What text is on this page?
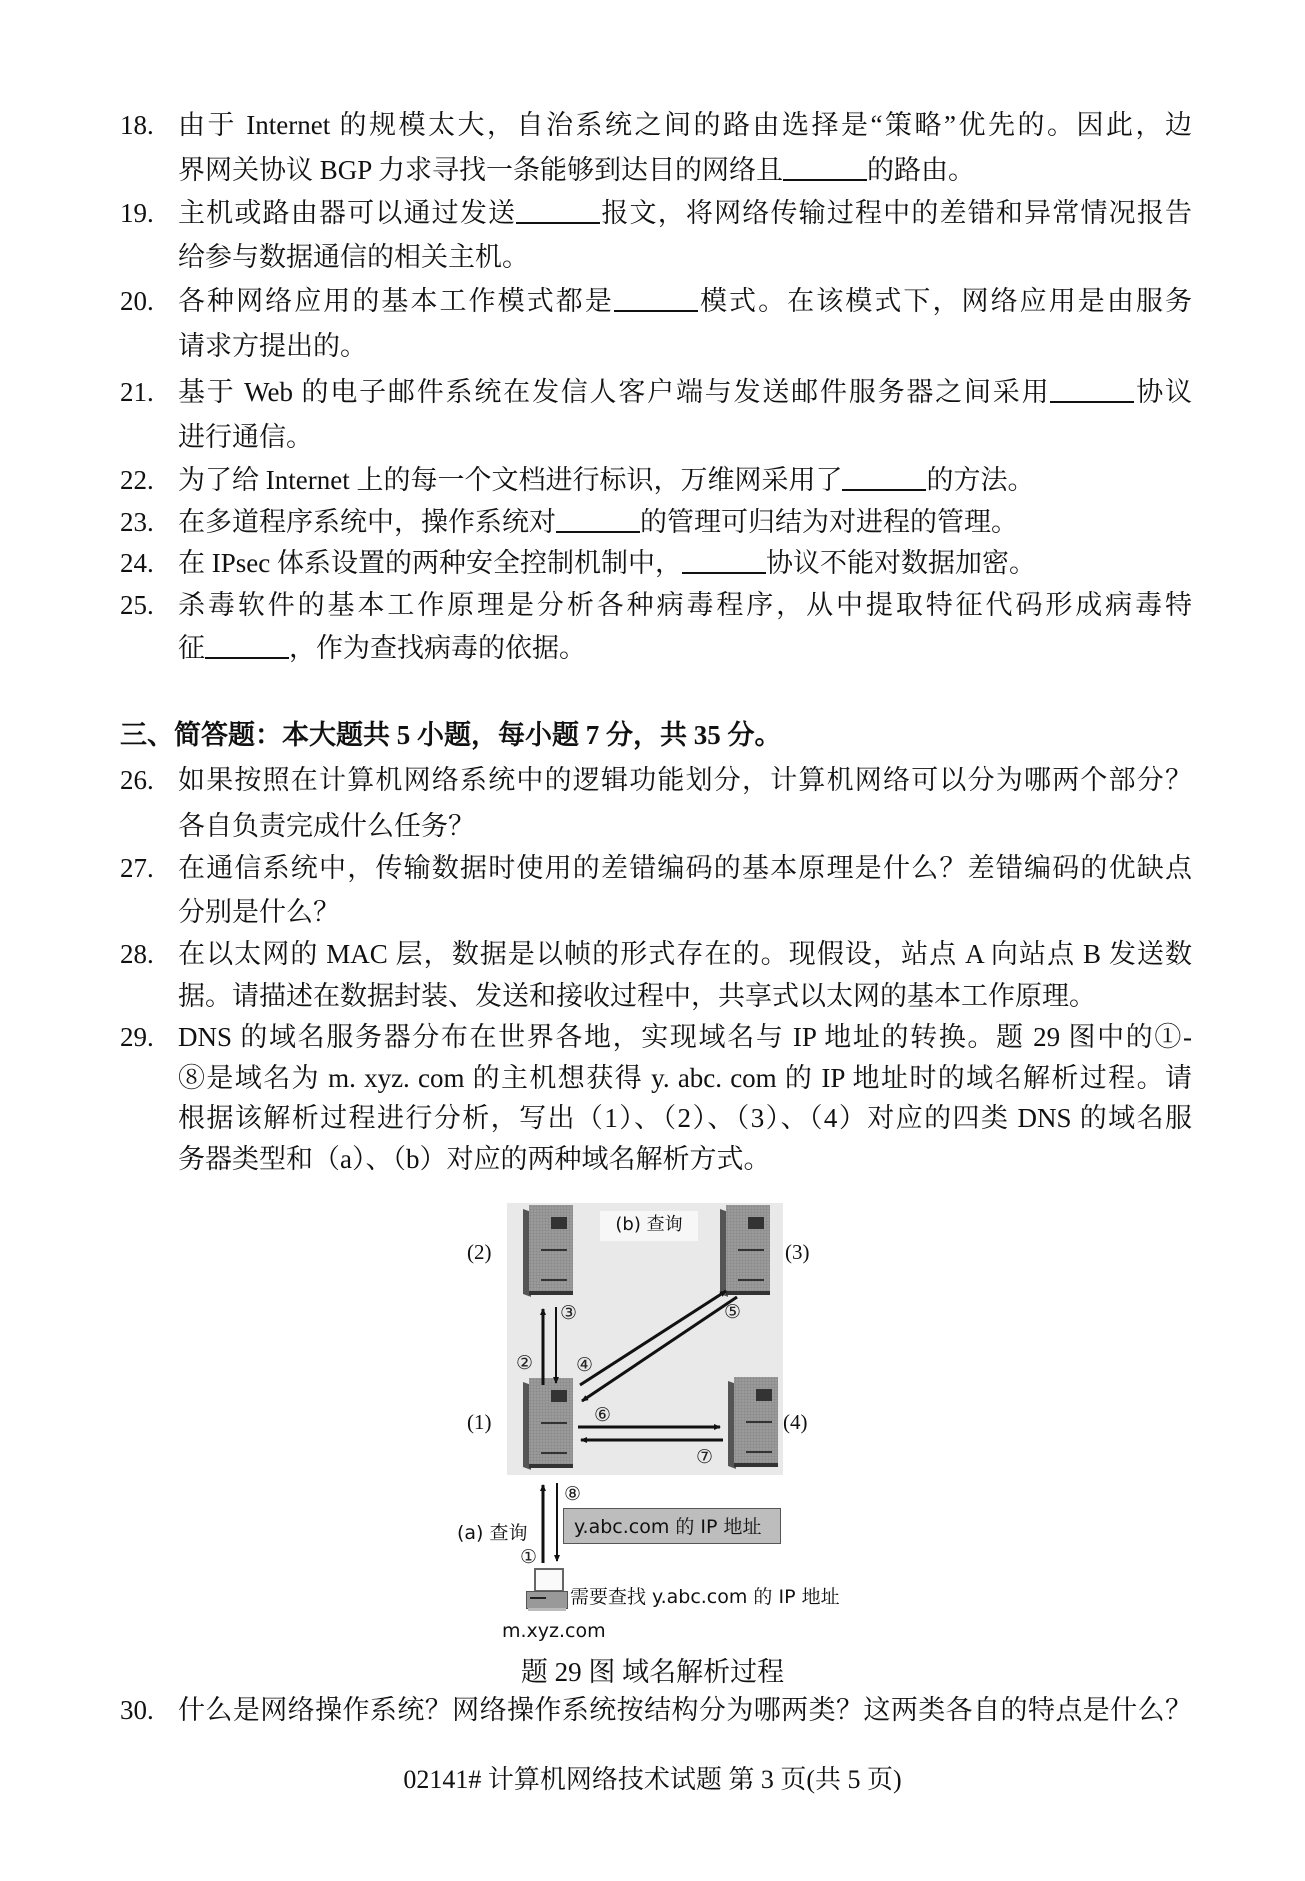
18. 由于 Internet 的规模太大，自治系统之间的路由选择是“策略”优先的。因此，边
界网关协议 BGP 力求寻找一条能够到达目的网络且	的路由。
19. 主机或路由器可以通过发送	报文，将网络传输过程中的差错和异常情况报告
给参与数据通信的相关主机。
20. 各种网络应用的基本工作模式都是	模式。在该模式下，网络应用是由服务
请求方提出的。
21. 基于 Web 的电子邮件系统在发信人客户端与发送邮件服务器之间采用	协议
进行通信。
22. 为了给 Internet 上的每一个文档进行标识，万维网采用了	的方法。
23. 在多道程序系统中，操作系统对	的管理可归结为对进程的管理。
24. 在 IPsec 体系设置的两种安全控制机制中，	协议不能对数据加密。
25. 杀毒软件的基本工作原理是分析各种病毒程序，从中提取特征代码形成病毒特
征	，作为查找病毒的依据。
三、简答题：本大题共 5 小题，每小题 7 分，共 35 分。
26. 如果按照在计算机网络系统中的逻辑功能划分，计算机网络可以分为哪两个部分？
各自负责完成什么任务？
27. 在通信系统中，传输数据时使用的差错编码的基本原理是什么？差错编码的优缺点
分别是什么？
28. 在以太网的 MAC 层，数据是以帧的形式存在的。现假设，站点 A 向站点 B 发送数
据。请描述在数据封装、发送和接收过程中，共享式以太网的基本工作原理。
29. DNS 的域名服务器分布在世界各地，实现域名与 IP 地址的转换。题 29 图中的①-
⑧是域名为 m. xyz. com 的主机想获得 y. abc. com 的 IP 地址时的域名解析过程。请
根据该解析过程进行分析，写出（1）、（2）、（3）、（4）对应的四类 DNS 的域名服
务器类型和（a）、（b）对应的两种域名解析方式。
(b) 查询
(2)	(3)
(1)	(4)
③
② ④
⑤
⑥
⑦
⑧
①
(a) 查询	y.abc.com 的 IP 地址
需要查找 y.abc.com 的 IP 地址
m.xyz.com
题 29 图 域名解析过程
30. 什么是网络操作系统？网络操作系统按结构分为哪两类？这两类各自的特点是什么？
02141# 计算机网络技术试题 第 3 页(共 5 页)
